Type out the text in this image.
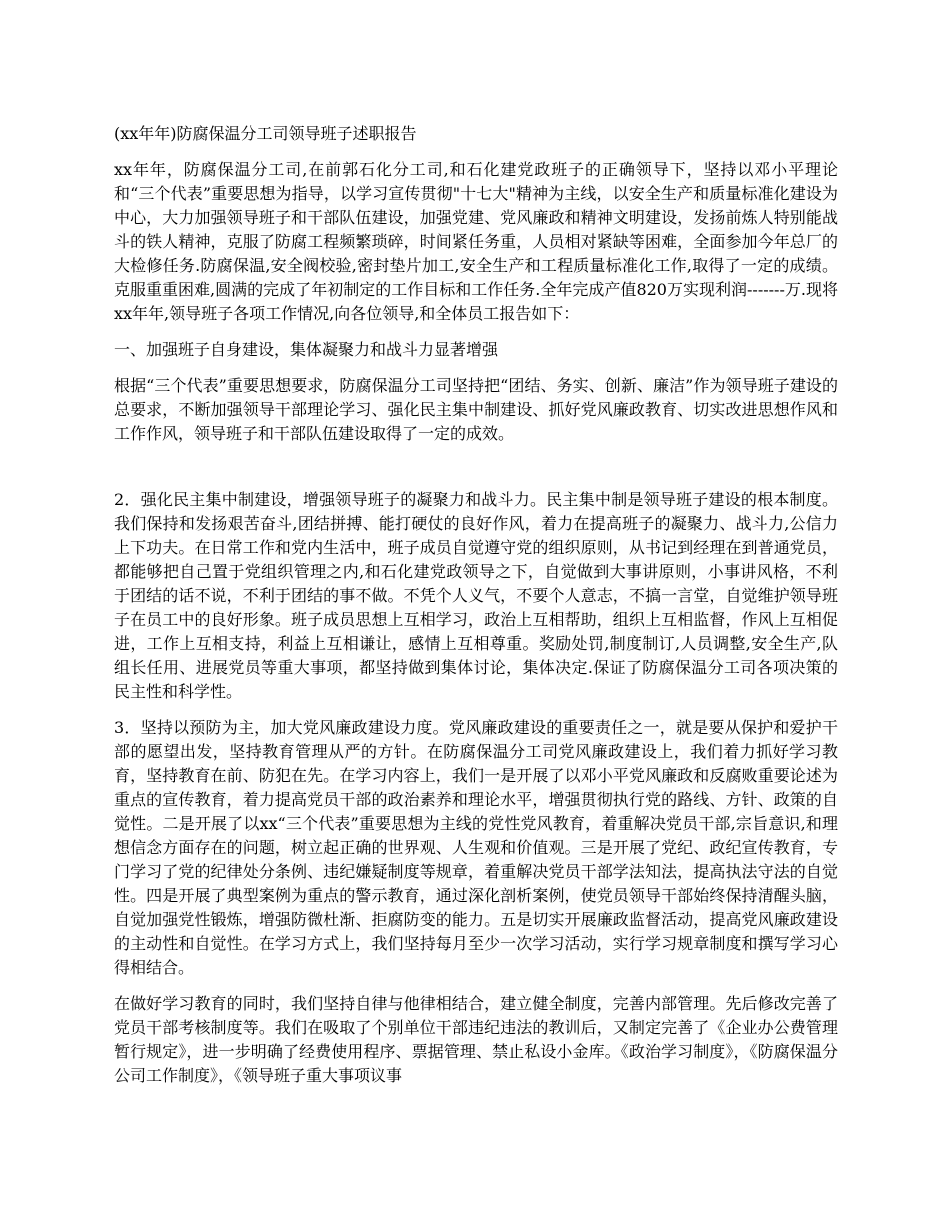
(xx年年)防腐保温分工司领导班子述职报告

xx年年，防腐保温分工司,在前郭石化分工司,和石化建党政班子的正确领导下，坚持以邓小平理论和“三个代表”重要思想为指导，以学习宣传贯彻"十七大"精神为主线，以安全生产和质量标准化建设为中心，大力加强领导班子和干部队伍建设，加强党建、党风廉政和精神文明建设，发扬前炼人特别能战斗的铁人精神，克服了防腐工程频繁琐碎，时间紧任务重，人员相对紧缺等困难，全面参加今年总厂的大检修任务.防腐保温,安全阀校验,密封垫片加工,安全生产和工程质量标准化工作,取得了一定的成绩。克服重重困难,圆满的完成了年初制定的工作目标和工作任务.全年完成产值820万实现利润-------万.现将xx年年,领导班子各项工作情况,向各位领导,和全体员工报告如下：

一、加强班子自身建设，集体凝聚力和战斗力显著增强

根据“三个代表”重要思想要求，防腐保温分工司坚持把“团结、务实、创新、廉洁”作为领导班子建设的总要求，不断加强领导干部理论学习、强化民主集中制建设、抓好党风廉政教育、切实改进思想作风和工作作风，领导班子和干部队伍建设取得了一定的成效。

2．强化民主集中制建设，增强领导班子的凝聚力和战斗力。民主集中制是领导班子建设的根本制度。我们保持和发扬艰苦奋斗,团结拼搏、能打硬仗的良好作风，着力在提高班子的凝聚力、战斗力,公信力上下功夫。在日常工作和党内生活中，班子成员自觉遵守党的组织原则，从书记到经理在到普通党员，都能够把自己置于党组织管理之内,和石化建党政领导之下，自觉做到大事讲原则，小事讲风格，不利于团结的话不说，不利于团结的事不做。不凭个人义气，不要个人意志，不搞一言堂，自觉维护领导班子在员工中的良好形象。班子成员思想上互相学习，政治上互相帮助，组织上互相监督，作风上互相促进，工作上互相支持，利益上互相谦让，感情上互相尊重。奖励处罚,制度制订,人员调整,安全生产,队组长任用、进展党员等重大事项，都坚持做到集体讨论，集体决定.保证了防腐保温分工司各项决策的民主性和科学性。

3．坚持以预防为主，加大党风廉政建设力度。党风廉政建设的重要责任之一，就是要从保护和爱护干部的愿望出发，坚持教育管理从严的方针。在防腐保温分工司党风廉政建设上，我们着力抓好学习教育，坚持教育在前、防犯在先。在学习内容上，我们一是开展了以邓小平党风廉政和反腐败重要论述为重点的宣传教育，着力提高党员干部的政治素养和理论水平，增强贯彻执行党的路线、方针、政策的自觉性。二是开展了以xx“三个代表”重要思想为主线的党性党风教育，着重解决党员干部,宗旨意识,和理想信念方面存在的问题，树立起正确的世界观、人生观和价值观。三是开展了党纪、政纪宣传教育，专门学习了党的纪律处分条例、违纪嫌疑制度等规章，着重解决党员干部学法知法，提高执法守法的自觉性。四是开展了典型案例为重点的警示教育，通过深化剖析案例，使党员领导干部始终保持清醒头脑，自觉加强党性锻炼，增强防微杜渐、拒腐防变的能力。五是切实开展廉政监督活动，提高党风廉政建设的主动性和自觉性。在学习方式上，我们坚持每月至少一次学习活动，实行学习规章制度和撰写学习心得相结合。

在做好学习教育的同时，我们坚持自律与他律相结合，建立健全制度，完善内部管理。先后修改完善了党员干部考核制度等。我们在吸取了个别单位干部违纪违法的教训后，又制定完善了《企业办公费管理暂行规定》，进一步明确了经费使用程序、票据管理、禁止私设小金库。《政治学习制度》，《防腐保温分公司工作制度》，《领导班子重大事项议事
